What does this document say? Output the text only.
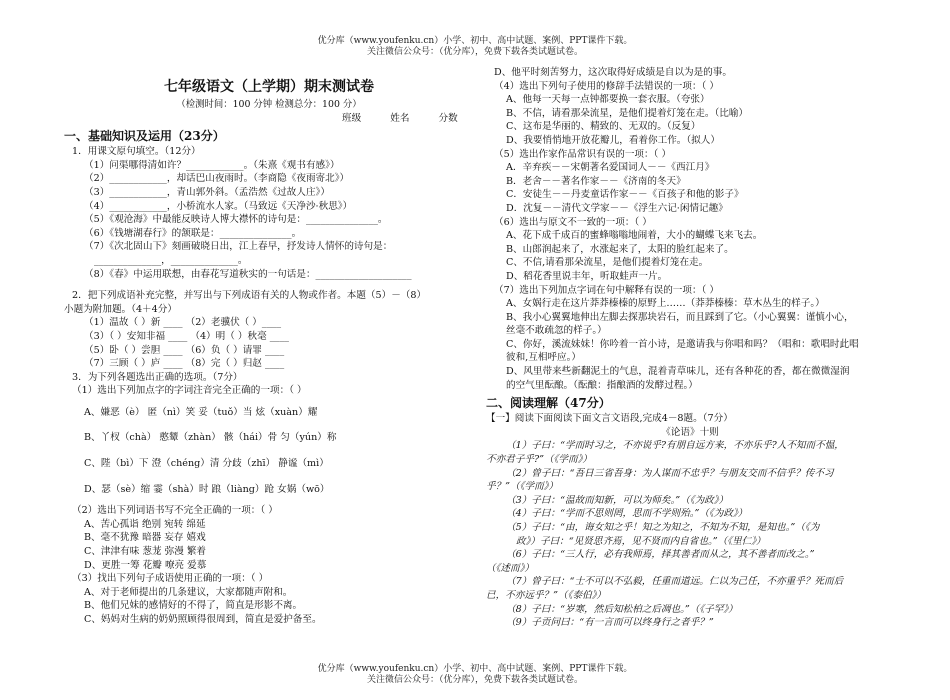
优分库（www.youfenku.cn）小学、初中、高中试题、案例、PPT课件下载。
关注微信公众号：（优分库），免费下载各类试题试卷。
七年级语文（上学期）期末测试卷
（检测时间：100 分钟 检测总分：100 分）
班级	姓名	分数
一、基础知识及运用（23分）
1．用课文原句填空。（12分）
（1）问渠哪得清如许？____________。（朱熹《观书有感》）
（2）____________，却话巴山夜雨时。（李商隐《夜雨寄北》）
（3）____________，青山郭外斜。（孟浩然《过故人庄》）
（4）____________，小桥流水人家。（马致远《天净沙·秋思》）
（5）《观沧海》中最能反映诗人博大襟怀的诗句是：_______________。
（6）《钱塘湖春行》的颔联是：_______________。
（7）《次北固山下》刻画破晓日出，江上春早，抒发诗人情怀的诗句是：
______________，______________。
（8）《春》中运用联想，由春花写道秋实的一句话是：____________________
2．把下列成语补充完整，并写出与下列成语有关的人物或作者。本题（5）－（8）
小题为附加题。（4＋4分）
（1）温故（ ）新 ____ （2）老骥伏（ ）____
（3）（ ）安知非福 ____ （4）明（ ）秋毫 ____
（5）卧（ ）尝胆 ____ （6）负（ ）请罪 ____
（7）三顾（ ）庐 ____ （8）完（ ）归赵 ____
3．为下列各题选出正确的选项。（7分）
（1）选出下列加点字的字词注音完全正确的一项：（ ）
A、嫌恶（è） 匿（nì）笑 妥（tuǒ）当 炫（xuàn）耀
B、丫杈（chà） 憨颦（zhàn） 骸（hái）骨 匀（yún）称
C、陛（bì）下 澄（chéng）清 分歧（zhī） 静谧（mì）
D、瑟（sè）缩 霎（shà）时 踉（liàng）跄 女娲（wō）
（2）选出下列词语书写不完全正确的一项：（ ）
A、苦心孤诣 绝别 宛转 绵延
B、毫不犹豫 暗器 妄存 嬉戏
C、津津有味 葱茏 弥漫 繁着
D、更胜一筹 花瓣 嘹亮 爱慕
（3）找出下列句子成语使用正确的一项：（ ）
A、对于老师提出的几条建议，大家都随声附和。
B、他们兄妹的感情好的不得了，简直是形影不离。
C、妈妈对生病的奶奶照顾得很周到，简直是爱护备至。
D、他平时刻苦努力，这次取得好成绩是自以为是的事。
（4）选出下列句子使用的修辞手法错误的一项：（ ）
A、他每一天每一点钟都要换一套衣服。（夸张）
B、不信，请看那朵流星，是他们提着灯笼在走。（比喻）
C、这布是华丽的、精致的、无双的。（反复）
D、我要悄悄地开放花瓣儿，看着你工作。（拟人）
（5）选出作家作品常识有误的一项：（ ）
A．辛弃疾－－宋朝著名爱国词人－－《西江月》
B．老舍－－著名作家－－《济南的冬天》
C．安徒生－－丹麦童话作家－－《百孩子和他的影子》
D．沈复－－清代文学家－－《浮生六记·闲情记趣》
（6）选出与原文不一致的一项：（ ）
A、花下成千成百的蜜蜂嗡嗡地闹着，大小的蝴蝶飞来飞去。
B、山郎润起来了，水涨起来了，太阳的脸红起来了。
C、不信,请看那朵流星，是他们提着灯笼在走。
D、稻花香里说丰年，听取蛙声一片。
（7）选出下列加点字词在句中解释有误的一项：（ ）
A、女娲行走在这片莽莽榛榛的原野上……（莽莽榛榛：草木丛生的样子。）
B、我小心翼翼地伸出左脚去探那块岩石，而且踩到了它。（小心翼翼：谨慎小心，
丝毫不敢疏忽的样子。）
C、你好，溪流妹妹！你吟着一首小诗，是邀请我与你唱和吗？（唱和：歌唱时此唱
彼和,互相呼应。）
D、风里带来些新翻泥土的气息，混着青草味儿，还有各种花的香，都在微微湿润
的空气里酝酿。（酝酿：指酿酒的发酵过程。）
二、阅读理解（47分）
【一】阅读下面阅读下面文言文语段,完成4－8题。（7分）
《论语》十则
（1）子曰：“学而时习之，不亦说乎?有朋自远方来，不亦乐乎?人不知而不愠，
不亦君子乎?”（《学而》）
（2）曾子曰：“吾日三省吾身：为人谋而不忠乎？与朋友交而不信乎？传不习
乎？”（《学而》）
（3）子曰：“温故而知新，可以为师矣。”（《为政》）
（4）子曰：“学而不思则罔，思而不学则殆。”（《为政》）
（5）子曰：“由，诲女知之乎！知之为知之，不知为不知，是知也。”（《为
政》）子曰：“见贤思齐焉，见不贤而内自省也。”（《里仁》）
（6）子曰：“三人行，必有我师焉，择其善者而从之，其不善者而改之。”
（《述而》）
（7）曾子曰：“士不可以不弘毅，任重而道远。仁以为己任，不亦重乎？死而后
已，不亦远乎？”（《泰伯》）
（8）子曰：“岁寒，然后知松柏之后凋也。”（《子罕》）
（9）子贡问曰：“有一言而可以终身行之者乎？”
优分库（www.youfenku.cn）小学、初中、高中试题、案例、PPT课件下载。
关注微信公众号：（优分库），免费下载各类试题试卷。
